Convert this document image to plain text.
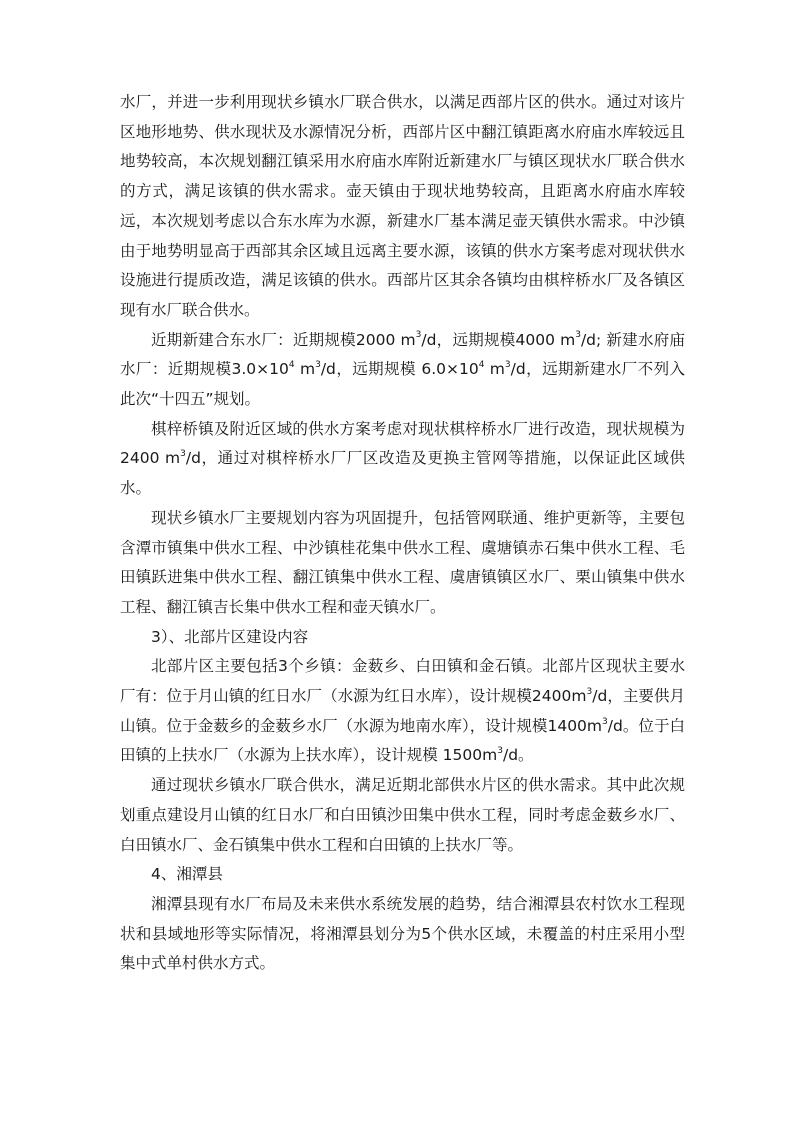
水厂，并进一步利用现状乡镇水厂联合供水，以满足西部片区的供水。通过对该片区地形地势、供水现状及水源情况分析，西部片区中翻江镇距离水府庙水库较远且地势较高，本次规划翻江镇采用水府庙水库附近新建水厂与镇区现状水厂联合供水的方式，满足该镇的供水需求。壶天镇由于现状地势较高，且距离水府庙水库较远，本次规划考虑以合东水库为水源，新建水厂基本满足壶天镇供水需求。中沙镇由于地势明显高于西部其余区域且远离主要水源，该镇的供水方案考虑对现状供水设施进行提质改造，满足该镇的供水。西部片区其余各镇均由棋梓桥水厂及各镇区现有水厂联合供水。

近期新建合东水厂：近期规模2000 $m^3/d$，远期规模4000 $m^3/d$; 新建水府庙水厂：近期规模$3.0\times 10^4$ $m^3/d$，远期规模 $6.0\times 10^4$ $m^3/d$，远期新建水厂不列入此次“十四五”规划。

棋梓桥镇及附近区域的供水方案考虑对现状棋梓桥水厂进行改造，现状规模为2400 $m^3/d$，通过对棋梓桥水厂厂区改造及更换主管网等措施，以保证此区域供水。

现状乡镇水厂主要规划内容为巩固提升，包括管网联通、维护更新等，主要包含潭市镇集中供水工程、中沙镇桂花集中供水工程、虞塘镇赤石集中供水工程、毛田镇跃进集中供水工程、翻江镇集中供水工程、虞唐镇镇区水厂、栗山镇集中供水工程、翻江镇吉长集中供水工程和壶天镇水厂。

3）、北部片区建设内容

北部片区主要包括3个乡镇：金薮乡、白田镇和金石镇。北部片区现状主要水厂有：位于月山镇的红日水厂（水源为红日水库），设计规模$2400m^3/d$，主要供月山镇。位于金薮乡的金薮乡水厂（水源为地南水库），设计规模$1400m^3/d$。位于白田镇的上扶水厂（水源为上扶水库），设计规模 $1500m^3/d$。

通过现状乡镇水厂联合供水，满足近期北部供水片区的供水需求。其中此次规划重点建设月山镇的红日水厂和白田镇沙田集中供水工程，同时考虑金薮乡水厂、白田镇水厂、金石镇集中供水工程和白田镇的上扶水厂等。

4、湘潭县

湘潭县现有水厂布局及未来供水系统发展的趋势，结合湘潭县农村饮水工程现状和县域地形等实际情况，将湘潭县划分为5个供水区域，未覆盖的村庄采用小型集中式单村供水方式。
